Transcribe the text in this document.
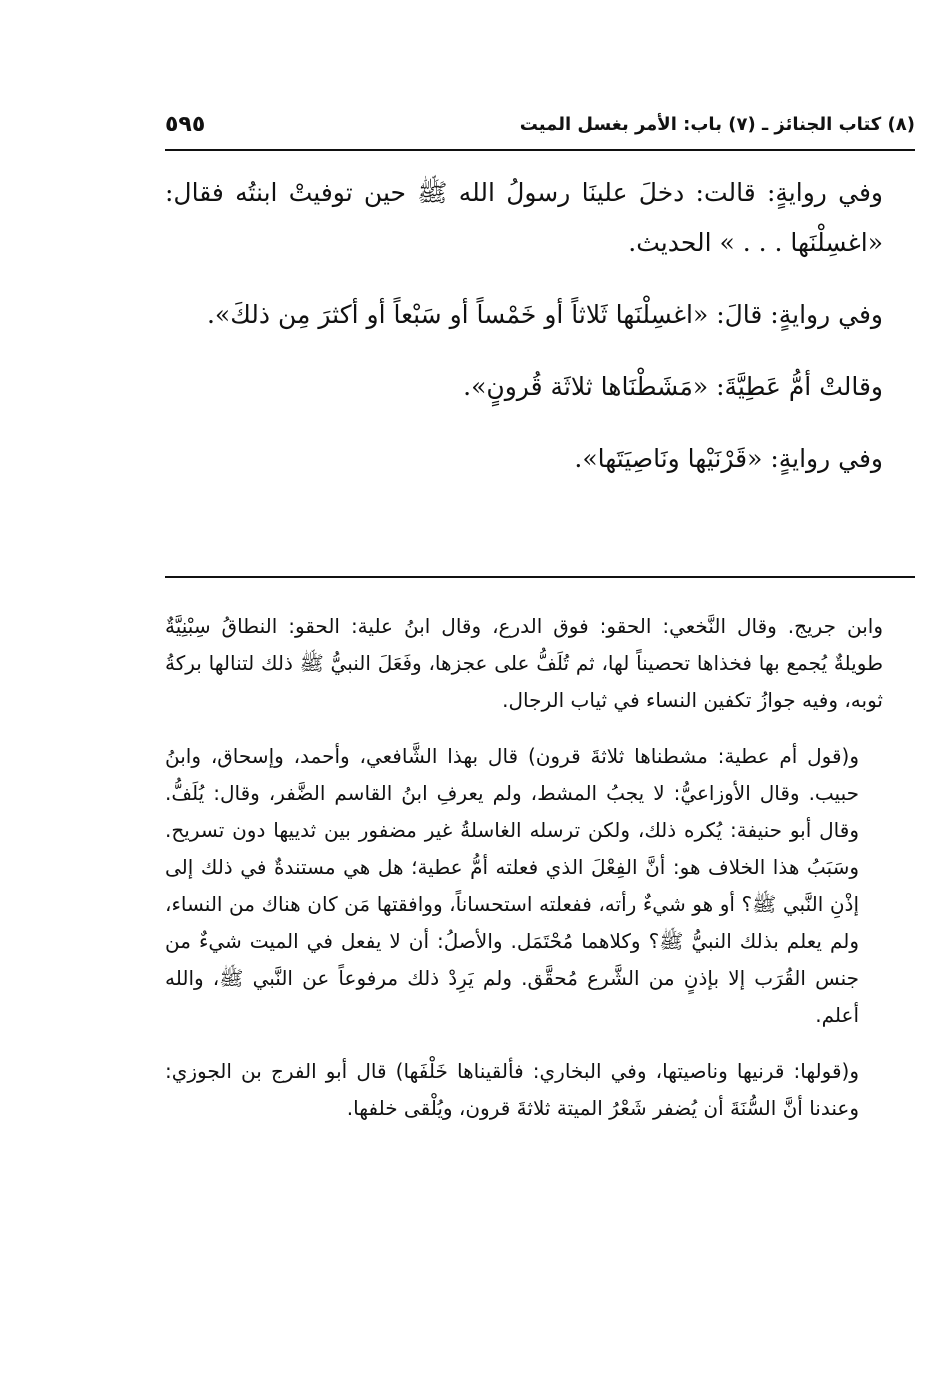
(٨) كتاب الجنائز ـ (٧) باب: الأمر بغسل الميت
٥٩٥

وفي روايةٍ: قالت: دخلَ علينَا رسولُ الله ﷺ حين توفيتْ ابنتُه فقال: «اغسِلْنَها . . . » الحديث.

وفي روايةٍ: قالَ: «اغسِلْنَها ثَلاثاً أو خَمْساً أو سَبْعاً أو أكثرَ مِن ذلكَ».

وقالتْ أمُّ عَطِيَّةَ: «مَشَطْنَاها ثلاثَة قُرونٍ».

وفي روايةٍ: «قَرْنَيْها ونَاصِيَتَها».

وابن جريج. وقال النَّخعي: الحقو: فوق الدرع، وقال ابنُ علية: الحقو: النطاقُ سِبْنِيَّةٌ طويلةٌ يُجمع بها فخذاها تحصيناً لها، ثم تُلَفُّ على عجزها، وفَعَلَ النبيُّ ﷺ ذلك لتنالها بركةُ ثوبه، وفيه جوازُ تكفين النساء في ثياب الرجال.

و(قول أم عطية: مشطناها ثلاثةَ قرون) قال بهذا الشَّافعي، وأحمد، وإسحاق، وابنُ حبيب. وقال الأوزاعيُّ: لا يجبُ المشط، ولم يعرفِ ابنُ القاسم الضَّفر، وقال: يُلَفُّ. وقال أبو حنيفة: يُكره ذلك، ولكن ترسله الغاسلةُ غير مضفور بين ثدييها دون تسريح. وسَبَبُ هذا الخلاف هو: أنَّ الفِعْلَ الذي فعلته أمُّ عطية؛ هل هي مستندةٌ في ذلك إلى إذْنِ النَّبي ﷺ؟ أو هو شيءٌ رأته، ففعلته استحساناً، ووافقتها مَن كان هناك من النساء، ولم يعلم بذلك النبيُّ ﷺ؟ وكلاهما مُحْتَمَل. والأصلُ: أن لا يفعل في الميت شيءٌ من جنس القُرَب إلا بإذنٍ من الشَّرع مُحقَّق. ولم يَرِدْ ذلك مرفوعاً عن النَّبي ﷺ، والله أعلم.

و(قولها: قرنيها وناصيتها، وفي البخاري: فألقيناها خَلْفَها) قال أبو الفرج بن الجوزي: وعندنا أنَّ السُّنَةَ أن يُضفر شَعْرُ الميتة ثلاثةَ قرون، ويُلْقى خلفها.
